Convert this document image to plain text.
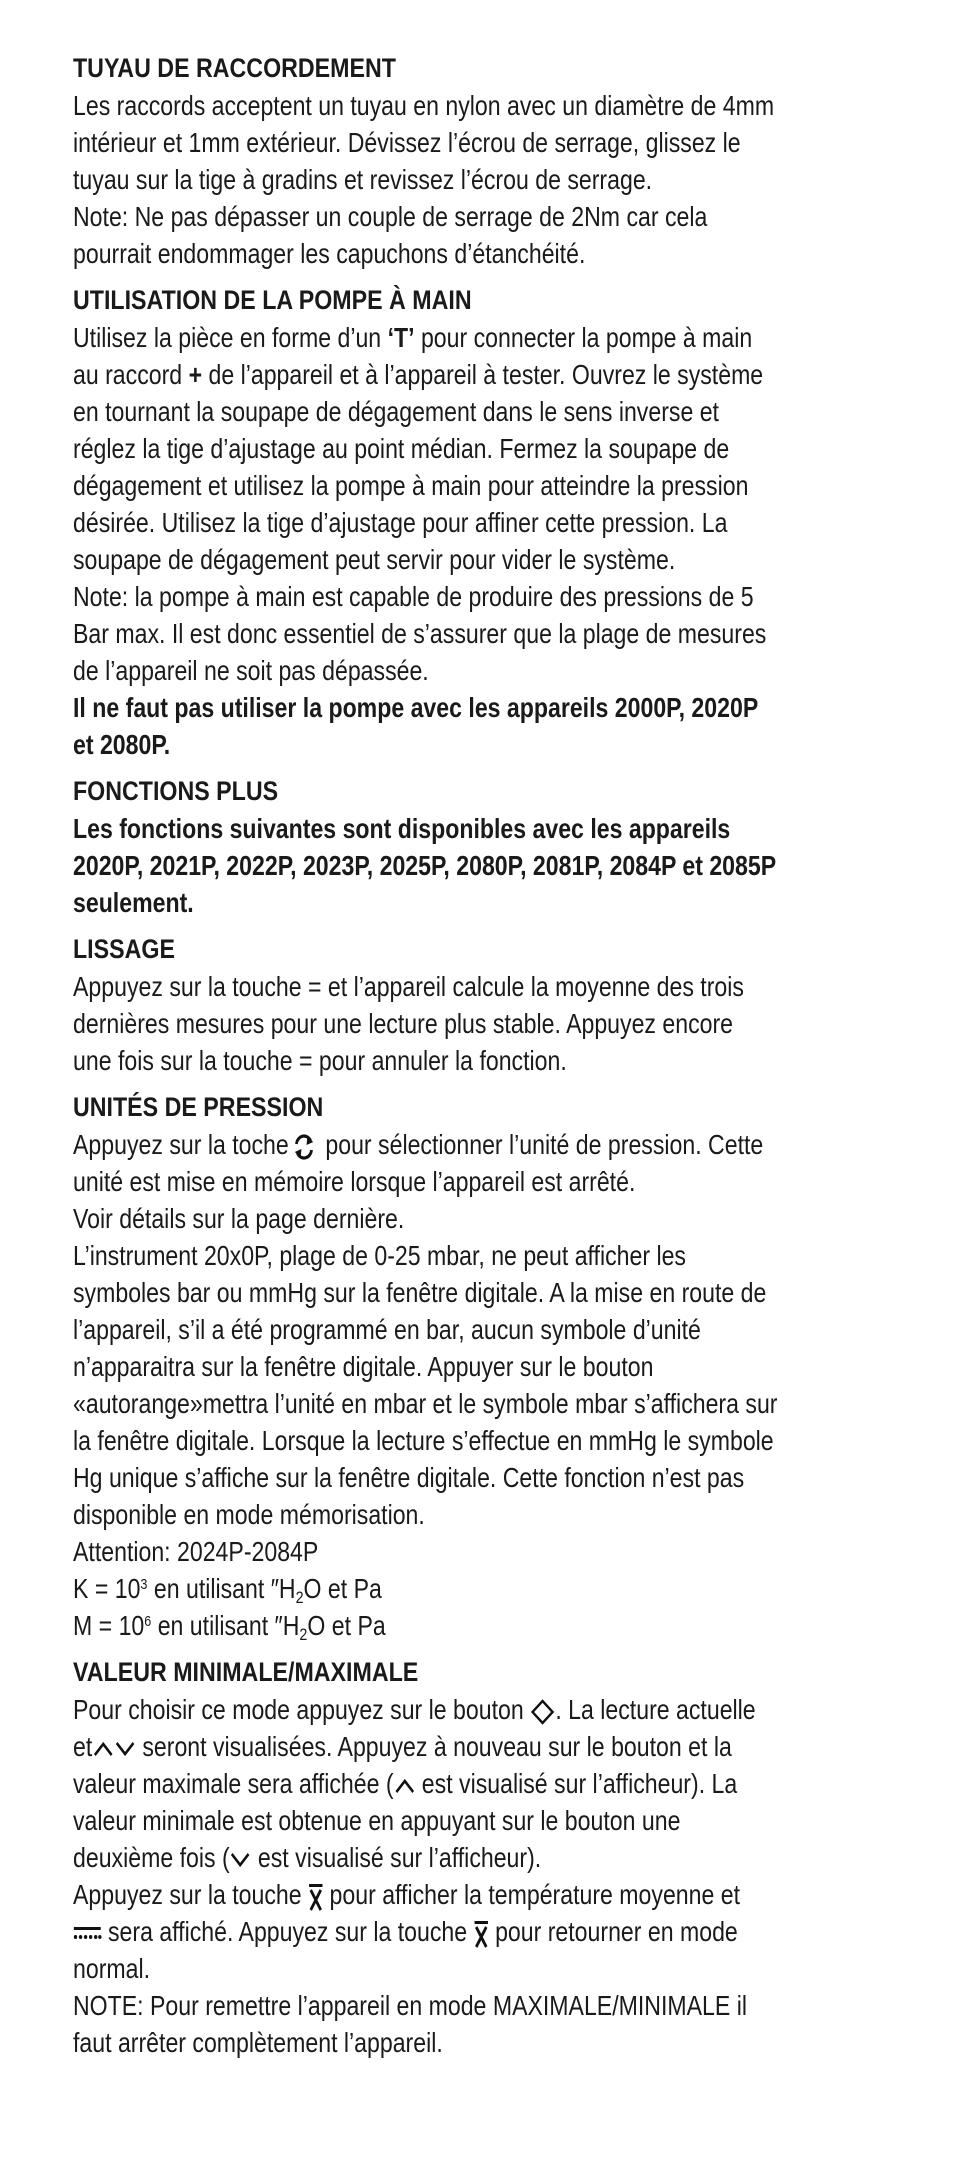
TUYAU DE RACCORDEMENT
Les raccords acceptent un tuyau en nylon avec un diamètre de 4mm
intérieur et 1mm extérieur. Dévissez l’écrou de serrage, glissez le
tuyau sur la tige à gradins et revissez l’écrou de serrage.
Note: Ne pas dépasser un couple de serrage de 2Nm car cela
pourrait endommager les capuchons d’étanchéité.
UTILISATION DE LA POMPE À MAIN
Utilisez la pièce en forme d’un ‘T’ pour connecter la pompe à main
au raccord + de l’appareil et à l’appareil à tester. Ouvrez le système
en tournant la soupape de dégagement dans le sens inverse et
réglez la tige d’ajustage au point médian. Fermez la soupape de
dégagement et utilisez la pompe à main pour atteindre la pression
désirée. Utilisez la tige d’ajustage pour affiner cette pression. La
soupape de dégagement peut servir pour vider le système.
Note: la pompe à main est capable de produire des pressions de 5
Bar max. Il est donc essentiel de s’assurer que la plage de mesures
de l’appareil ne soit pas dépassée.
Il ne faut pas utiliser la pompe avec les appareils 2000P, 2020P
et 2080P.
FONCTIONS PLUS
Les fonctions suivantes sont disponibles avec les appareils
2020P, 2021P, 2022P, 2023P, 2025P, 2080P, 2081P, 2084P et 2085P
seulement.
LISSAGE
Appuyez sur la touche = et l’appareil calcule la moyenne des trois
dernières mesures pour une lecture plus stable. Appuyez encore
une fois sur la touche = pour annuler la fonction.
UNITÉS DE PRESSION
Appuyez sur la toche
pour sélectionner l’unité de pression. Cette
unité est mise en mémoire lorsque l’appareil est arrêté.
Voir détails sur la page dernière.
L’instrument 20x0P, plage de 0-25 mbar, ne peut afficher les
symboles bar ou mmHg sur la fenêtre digitale. A la mise en route de
l’appareil, s’il a été programmé en bar, aucun symbole d’unité
n’apparaitra sur la fenêtre digitale. Appuyer sur le bouton
«autorange»mettra l’unité en mbar et le symbole mbar s’affichera sur
la fenêtre digitale. Lorsque la lecture s’effectue en mmHg le symbole
Hg unique s’affiche sur la fenêtre digitale. Cette fonction n’est pas
disponible en mode mémorisation.
Attention: 2024P-2084P
$K = 10^3$ en utilisant $''H_2O$ et Pa
$M = 10^6$ en utilisant $''H_2O$ et Pa
VALEUR MINIMALE/MAXIMALE
Pour choisir ce mode appuyez sur le bouton
. La lecture actuelle
et
seront visualisées. Appuyez à nouveau sur le bouton et la
valeur maximale sera affichée (
est visualisé sur l’afficheur). La
valeur minimale est obtenue en appuyant sur le bouton une
deuxième fois (
est visualisé sur l’afficheur).
Appuyez sur la touche
pour afficher la température moyenne et
sera affiché. Appuyez sur la touche
pour retourner en mode
normal.
NOTE: Pour remettre l’appareil en mode MAXIMALE/MINIMALE il
faut arrêter complètement l’appareil.
